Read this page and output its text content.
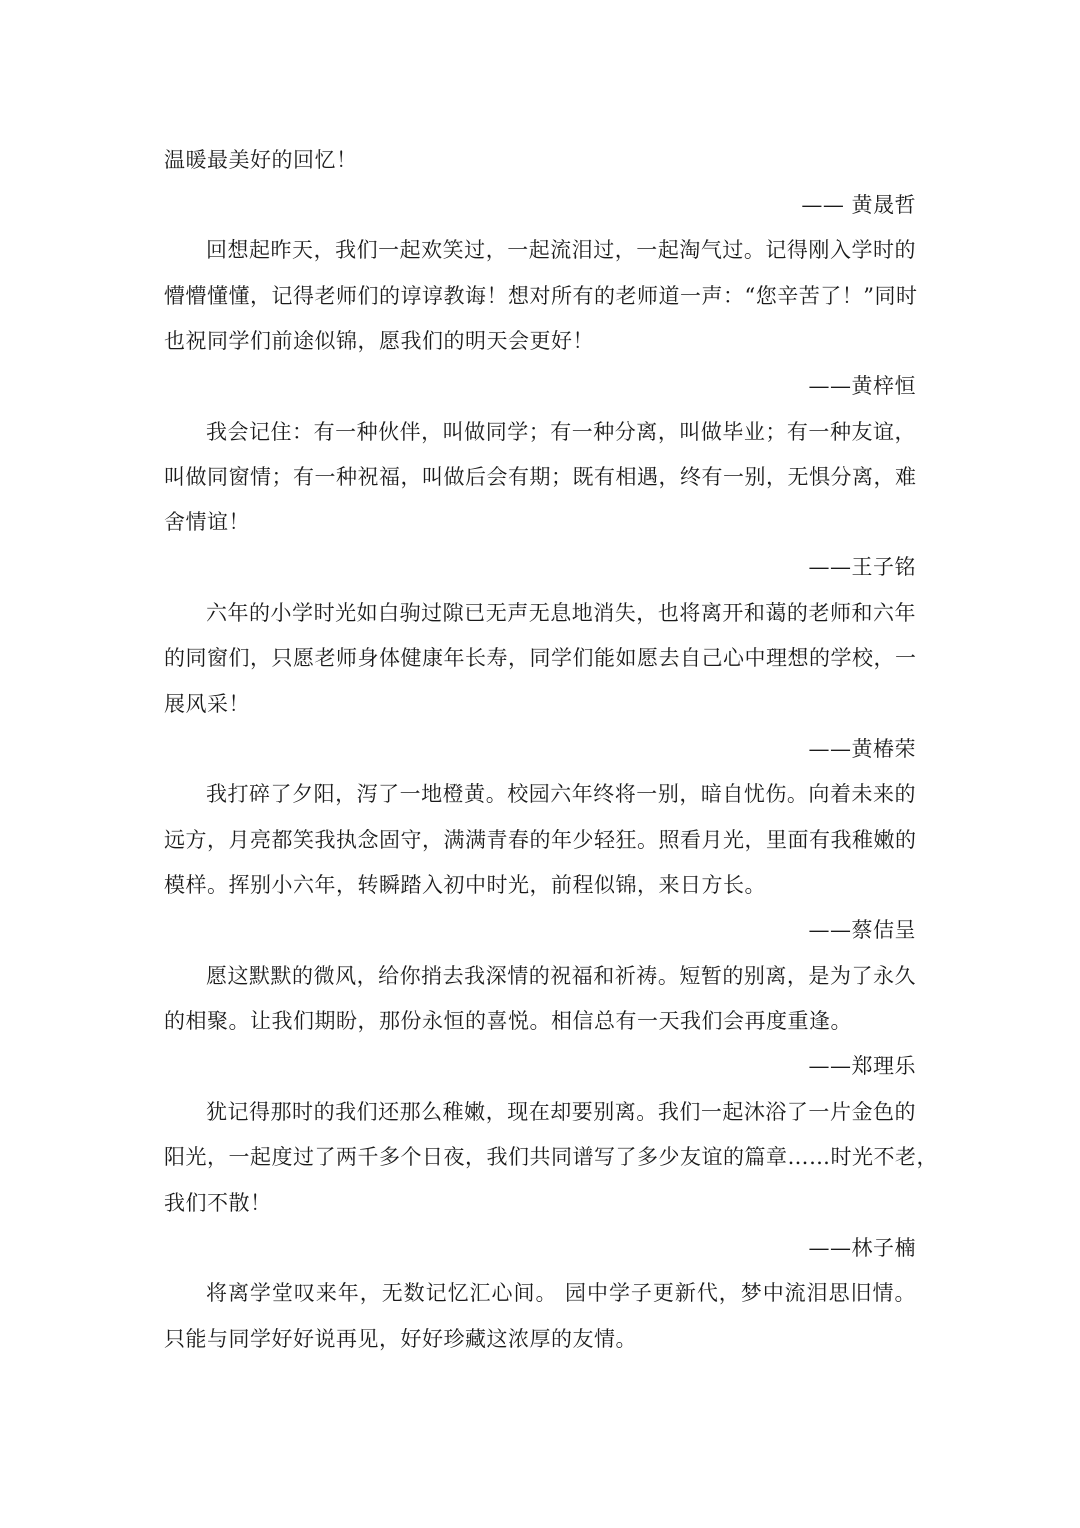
温暖最美好的回忆！
—— 黄晟哲
回想起昨天，我们一起欢笑过，一起流泪过，一起淘气过。记得刚入学时的
懵懵懂懂，记得老师们的谆谆教诲！想对所有的老师道一声：“您辛苦了！”同时
也祝同学们前途似锦，愿我们的明天会更好！
——黄梓恒
我会记住：有一种伙伴，叫做同学；有一种分离，叫做毕业；有一种友谊，
叫做同窗情；有一种祝福，叫做后会有期；既有相遇，终有一别，无惧分离，难
舍情谊！
——王子铭
六年的小学时光如白驹过隙已无声无息地消失，也将离开和蔼的老师和六年
的同窗们，只愿老师身体健康年长寿，同学们能如愿去自己心中理想的学校，一
展风采！
——黄椿荣
我打碎了夕阳，泻了一地橙黄。校园六年终将一别，暗自忧伤。向着未来的
远方，月亮都笑我执念固守，满满青春的年少轻狂。照看月光，里面有我稚嫩的
模样。挥别小六年，转瞬踏入初中时光，前程似锦，来日方长。
——蔡佶呈
愿这默默的微风，给你捎去我深情的祝福和祈祷。短暂的别离，是为了永久
的相聚。让我们期盼，那份永恒的喜悦。相信总有一天我们会再度重逢。
——郑理乐
犹记得那时的我们还那么稚嫩，现在却要别离。我们一起沐浴了一片金色的
阳光，一起度过了两千多个日夜，我们共同谱写了多少友谊的篇章……时光不老，
我们不散！
——林子楠
将离学堂叹来年，无数记忆汇心间。 园中学子更新代，梦中流泪思旧情。
只能与同学好好说再见，好好珍藏这浓厚的友情。
